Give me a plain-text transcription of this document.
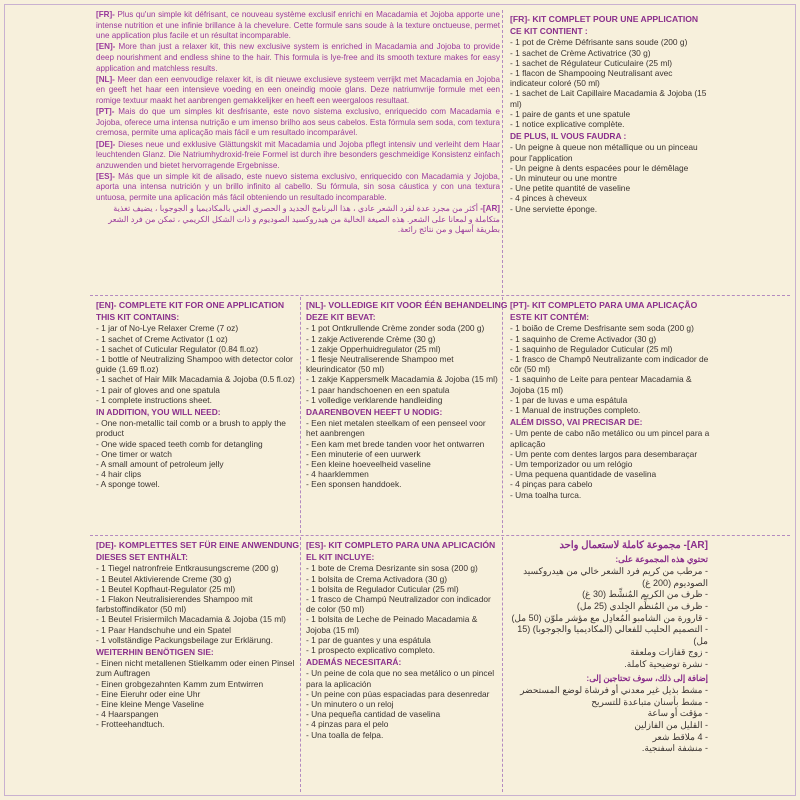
[FR]- Plus qu'un simple kit défrisant, ce nouveau système exclusif enrichi en Macadamia et Jojoba apporte une intense nutrition et une infinie brillance à la chevelure. Cette formule sans soude à la texture onctueuse, permet une application plus facile et un résultat incomparable.

[EN]- More than just a relaxer kit, this new exclusive system is enriched in Macadamia and Jojoba to provide deep nourishment and endless shine to the hair. This formula is lye-free and its smooth texture makes for easy application and matchless results.

[NL]- Meer dan een eenvoudige relaxer kit, is dit nieuwe exclusieve systeem verrijkt met Macadamia en Jojoba en geeft het haar een intensieve voeding en een oneindig mooie glans. Deze natriumvrije formule met een romige textuur maakt het aanbrengen gemakkelijker en heeft een weergaloos resultaat.

[PT]- Mais do que um simples kit desfrisante, este novo sistema exclusivo, enriquecido com Macadamia e Jojoba, oferece uma intensa nutrição e um imenso brilho aos seus cabelos. Esta fórmula sem soda, com textura cremosa, permite uma aplicação mais fácil e um resultado incomparável.

[DE]- Dieses neue und exklusive Glättungskit mit Macadamia und Jojoba pflegt intensiv und verleiht dem Haar leuchtenden Glanz. Die Natriumhydroxid-freie Formel ist durch ihre besonders geschmeidige Konsistenz einfach anzuwenden und bietet hervorragende Ergebnisse.

[ES]- Más que un simple kit de alisado, este nuevo sistema exclusivo, enriquecido con Macadamia y Jojoba, aporta una intensa nutrición y un brillo infinito al cabello. Su fórmula, sin sosa cáustica y con una textura untuosa, permite una aplicación más fácil obteniendo un resultado incomparable.

[AR]- أكثر من مجرد عدة لفرد الشعر عادي ، هذا البرنامج الجديد و الحصري الغني بالمكاديميا و الجوجوبا ، يضيف تغذية متكاملة و لمعانا على الشعر. هذه الصيغة الخالية من هيدروكسيد الصوديوم و ذات الشكل الكريمي ، تمكن من فرد الشعر بطريقة أسهل و من نتائج رائعة.

[FR]- KIT COMPLET POUR UNE APPLICATION
CE KIT CONTIENT :
- 1 pot de Crème Défrisante sans soude (200 g)
- 1 sachet de Crème Activatrice (30 g)
- 1 sachet de Régulateur Cuticulaire (25 ml)
- 1 flacon de Shampooing Neutralisant avec indicateur coloré (50 ml)
- 1 sachet de Lait Capillaire Macadamia & Jojoba (15 ml)
- 1 paire de gants et une spatule
- 1 notice explicative complète.
DE PLUS, IL VOUS FAUDRA :
- Un peigne à queue non métallique ou un pinceau pour l'application
- Un peigne à dents espacées pour le démêlage
- Un minuteur ou une montre
- Une petite quantité de vaseline
- 4 pinces à cheveux
- Une serviette éponge.
[EN]- COMPLETE KIT FOR ONE APPLICATION
THIS KIT CONTAINS:
- 1 jar of No-Lye Relaxer Creme (7 oz)
- 1 sachet of Creme Activator (1 oz)
- 1 sachet of Cuticular Regulator (0.84 fl.oz)
- 1 bottle of Neutralizing Shampoo with detector color guide (1.69 fl.oz)
- 1 sachet of Hair Milk Macadamia & Jojoba (0.5 fl.oz)
- 1 pair of gloves and one spatula
- 1 complete instructions sheet.
IN ADDITION, YOU WILL NEED:
- One non-metallic tail comb or a brush to apply the product
- One wide spaced teeth comb for detangling
- One timer or watch
- A small amount of petroleum jelly
- 4 hair clips
- A sponge towel.
[NL]- VOLLEDIGE KIT VOOR ÉÉN BEHANDELING
DEZE KIT BEVAT:
- 1 pot Ontkrullende Crème zonder soda (200 g)
- 1 zakje Activerende Crème (30 g)
- 1 zakje Opperhuidregulator (25 ml)
- 1 flesje Neutraliserende Shampoo met kleurindicator (50 ml)
- 1 zakje Kappersmelk Macadamia & Jojoba (15 ml)
- 1 paar handschoenen en een spatula
- 1 volledige verklarende handleiding
DAARENBOVEN HEEFT U NODIG:
- Een niet metalen steelkam of een penseel voor het aanbrengen
- Een kam met brede tanden voor het ontwarren
- Een minuterie of een uurwerk
- Een kleine hoeveelheid vaseline
- 4 haarklemmen
- Een sponsen handdoek.
[PT]- KIT COMPLETO PARA UMA APLICAÇÃO
ESTE KIT CONTÉM:
- 1 boião de Creme Desfrisante sem soda (200 g)
- 1 saquinho de Creme Activador (30 g)
- 1 saquinho de Regulador Cuticular (25 ml)
- 1 frasco de Champô Neutralizante com indicador de côr (50 ml)
- 1 saquinho de Leite para pentear Macadamia & Jojoba (15 ml)
- 1 par de luvas e uma espátula
- 1 Manual de instruções completo.
ALÉM DISSO, VAI PRECISAR DE:
- Um pente de cabo não metálico ou um pincel para a aplicação
- Um pente com dentes largos para desembaraçar
- Um temporizador ou um relógio
- Uma pequena quantidade de vaselina
- 4 pinças para cabelo
- Uma toalha turca.
[DE]- KOMPLETTES SET FÜR EINE ANWENDUNG
DIESES SET ENTHÄLT:
- 1 Tiegel natronfreie Entkrausungscreme (200 g)
- 1 Beutel Aktivierende Creme (30 g)
- 1 Beutel Kopfhaut-Regulator (25 ml)
- 1 Flakon Neutralisierendes Shampoo mit farbstoffindikator (50 ml)
- 1 Beutel Frisiermilch Macadamia & Jojoba (15 ml)
- 1 Paar Handschuhe und ein Spatel
- 1 vollständige Packungsbeilage zur Erklärung.
WEITERHIN BENÖTIGEN SIE:
- Einen nicht metallenen Stielkamm oder einen Pinsel zum Auftragen
- Einen grobgezahnten Kamm zum Entwirren
- Eine Eieruhr oder eine Uhr
- Eine kleine Menge Vaseline
- 4 Haarspangen
- Frotteehandtuch.
[ES]- KIT COMPLETO PARA UNA APLICACIÓN
EL KIT INCLUYE:
- 1 bote de Crema Desrizante sin sosa (200 g)
- 1 bolsita de Crema Activadora (30 g)
- 1 bolsita de Regulador Cuticular (25 ml)
- 1 frasco de Champú Neutralizador con indicador de color (50 ml)
- 1 bolsita de Leche de Peinado Macadamia & Jojoba (15 ml)
- 1 par de guantes y una espátula
- 1 prospecto explicativo completo.
ADEMÁS NECESITARÁ:
- Un peine de cola que no sea metálico o un pincel para la aplicación
- Un peine con púas espaciadas para desenredar
- Un minutero o un reloj
- Una pequeña cantidad de vaselina
- 4 pinzas para el pelo
- Una toalla de felpa.
[AR]- مجموعة كاملة لاستعمال واحد
تحتوي هذه المجموعة على:
- مرطب من كريم فرد الشعر خالي من هيدروكسيد الصوديوم (200 غ)
- ظرف من الكريم المُنشِّط (30 غ)
- ظرف من المُنظِّم الجِلدي (25 مل)
- قارورة من الشامبو المُعادِل مع مؤشر ملوّن (50 مل)
- التصميم الحليب للفعالي (المكاديميا والجوجوبا) (15 مل)
- زوج قفازات وملعقة
- نشرة توضيحية كاملة.
إضافة إلى ذلك، سوف تحتاجين إلى:
- مشط بذيل غير معدني أو فرشاة لوضع المستحضر
- مشط بأسنان متباعدة للتسريح
- مؤقت أو ساعة
- القليل من الفازلين
- 4 ملاقط شعر
- منشفة اسفنجية.
